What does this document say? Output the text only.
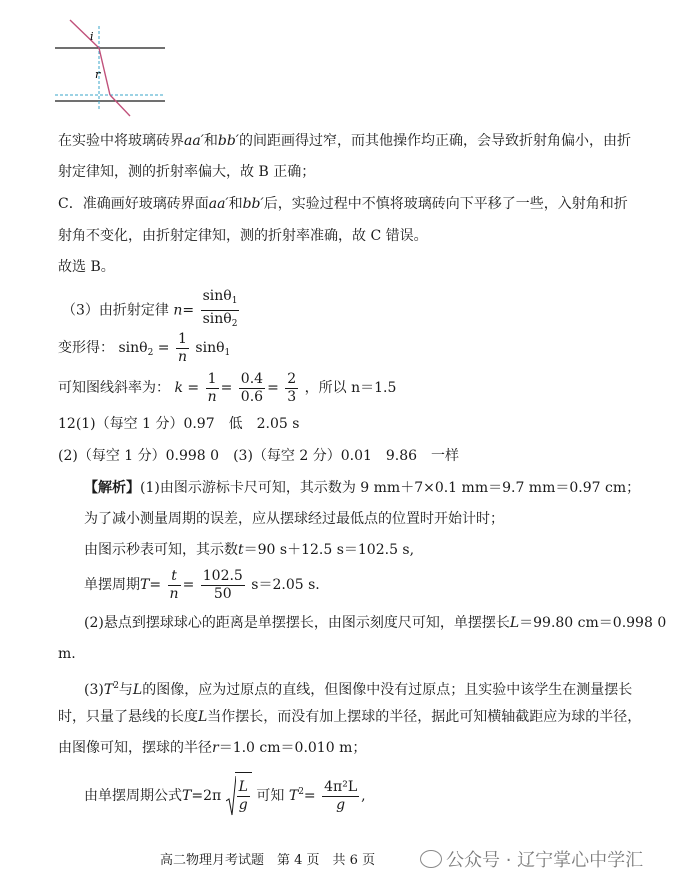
i
r
在实验中将玻璃砖界aa′和bb′的间距画得过窄，而其他操作均正确，会导致折射角偏小，由折
射定律知，测的折射率偏大，故 B 正确；
C．准确画好玻璃砖界面aa′和bb′后，实验过程中不慎将玻璃砖向下平移了一些，入射角和折
射角不变化，由折射定律知，测的折射率准确，故 C 错误。
故选 B。
（3）由折射定律 $n= \frac{\sin\theta_1}{\sin\theta_2}$
变形得： $\sin\theta_2 = \frac{1}{n} \sin\theta_1$
可知图线斜率为： $k = \frac{1}{n} = \frac{0.4}{0.6} = \frac{2}{3}$ ，所以 n＝1.5
12(1)（每空 1 分）0.97　低　2.05 s
(2)（每空 1 分）0.998 0　(3)（每空 2 分）0.01　9.86　一样
【解析】(1)由图示游标卡尺可知，其示数为 9 mm＋7×0.1 mm＝9.7 mm＝0.97 cm；
为了减小测量周期的误差，应从摆球经过最低点的位置时开始计时；
由图示秒表可知，其示数t＝90 s＋12.5 s＝102.5 s,
单摆周期$T= \frac{t}{n} = \frac{102.5}{50} s=2.05$ s.
(2)悬点到摆球球心的距离是单摆摆长，由图示刻度尺可知，单摆摆长L＝99.80 cm＝0.998 0
m.
$(3)T^2$与L的图像，应为过原点的直线，但图像中没有过原点；且实验中该学生在测量摆长
时，只量了悬线的长度L当作摆长，而没有加上摆球的半径，据此可知横轴截距应为球的半径，
由图像可知，摆球的半径r＝1.0 cm＝0.010 m；
由单摆周期公式$T=2\pi \frac{L}{g}$ 可知 $T^2= \frac{\text{4π²L}}{g}$ ,
高二物理月考试题　第 4 页　共 6 页	公众号 · 辽宁掌心中学汇
